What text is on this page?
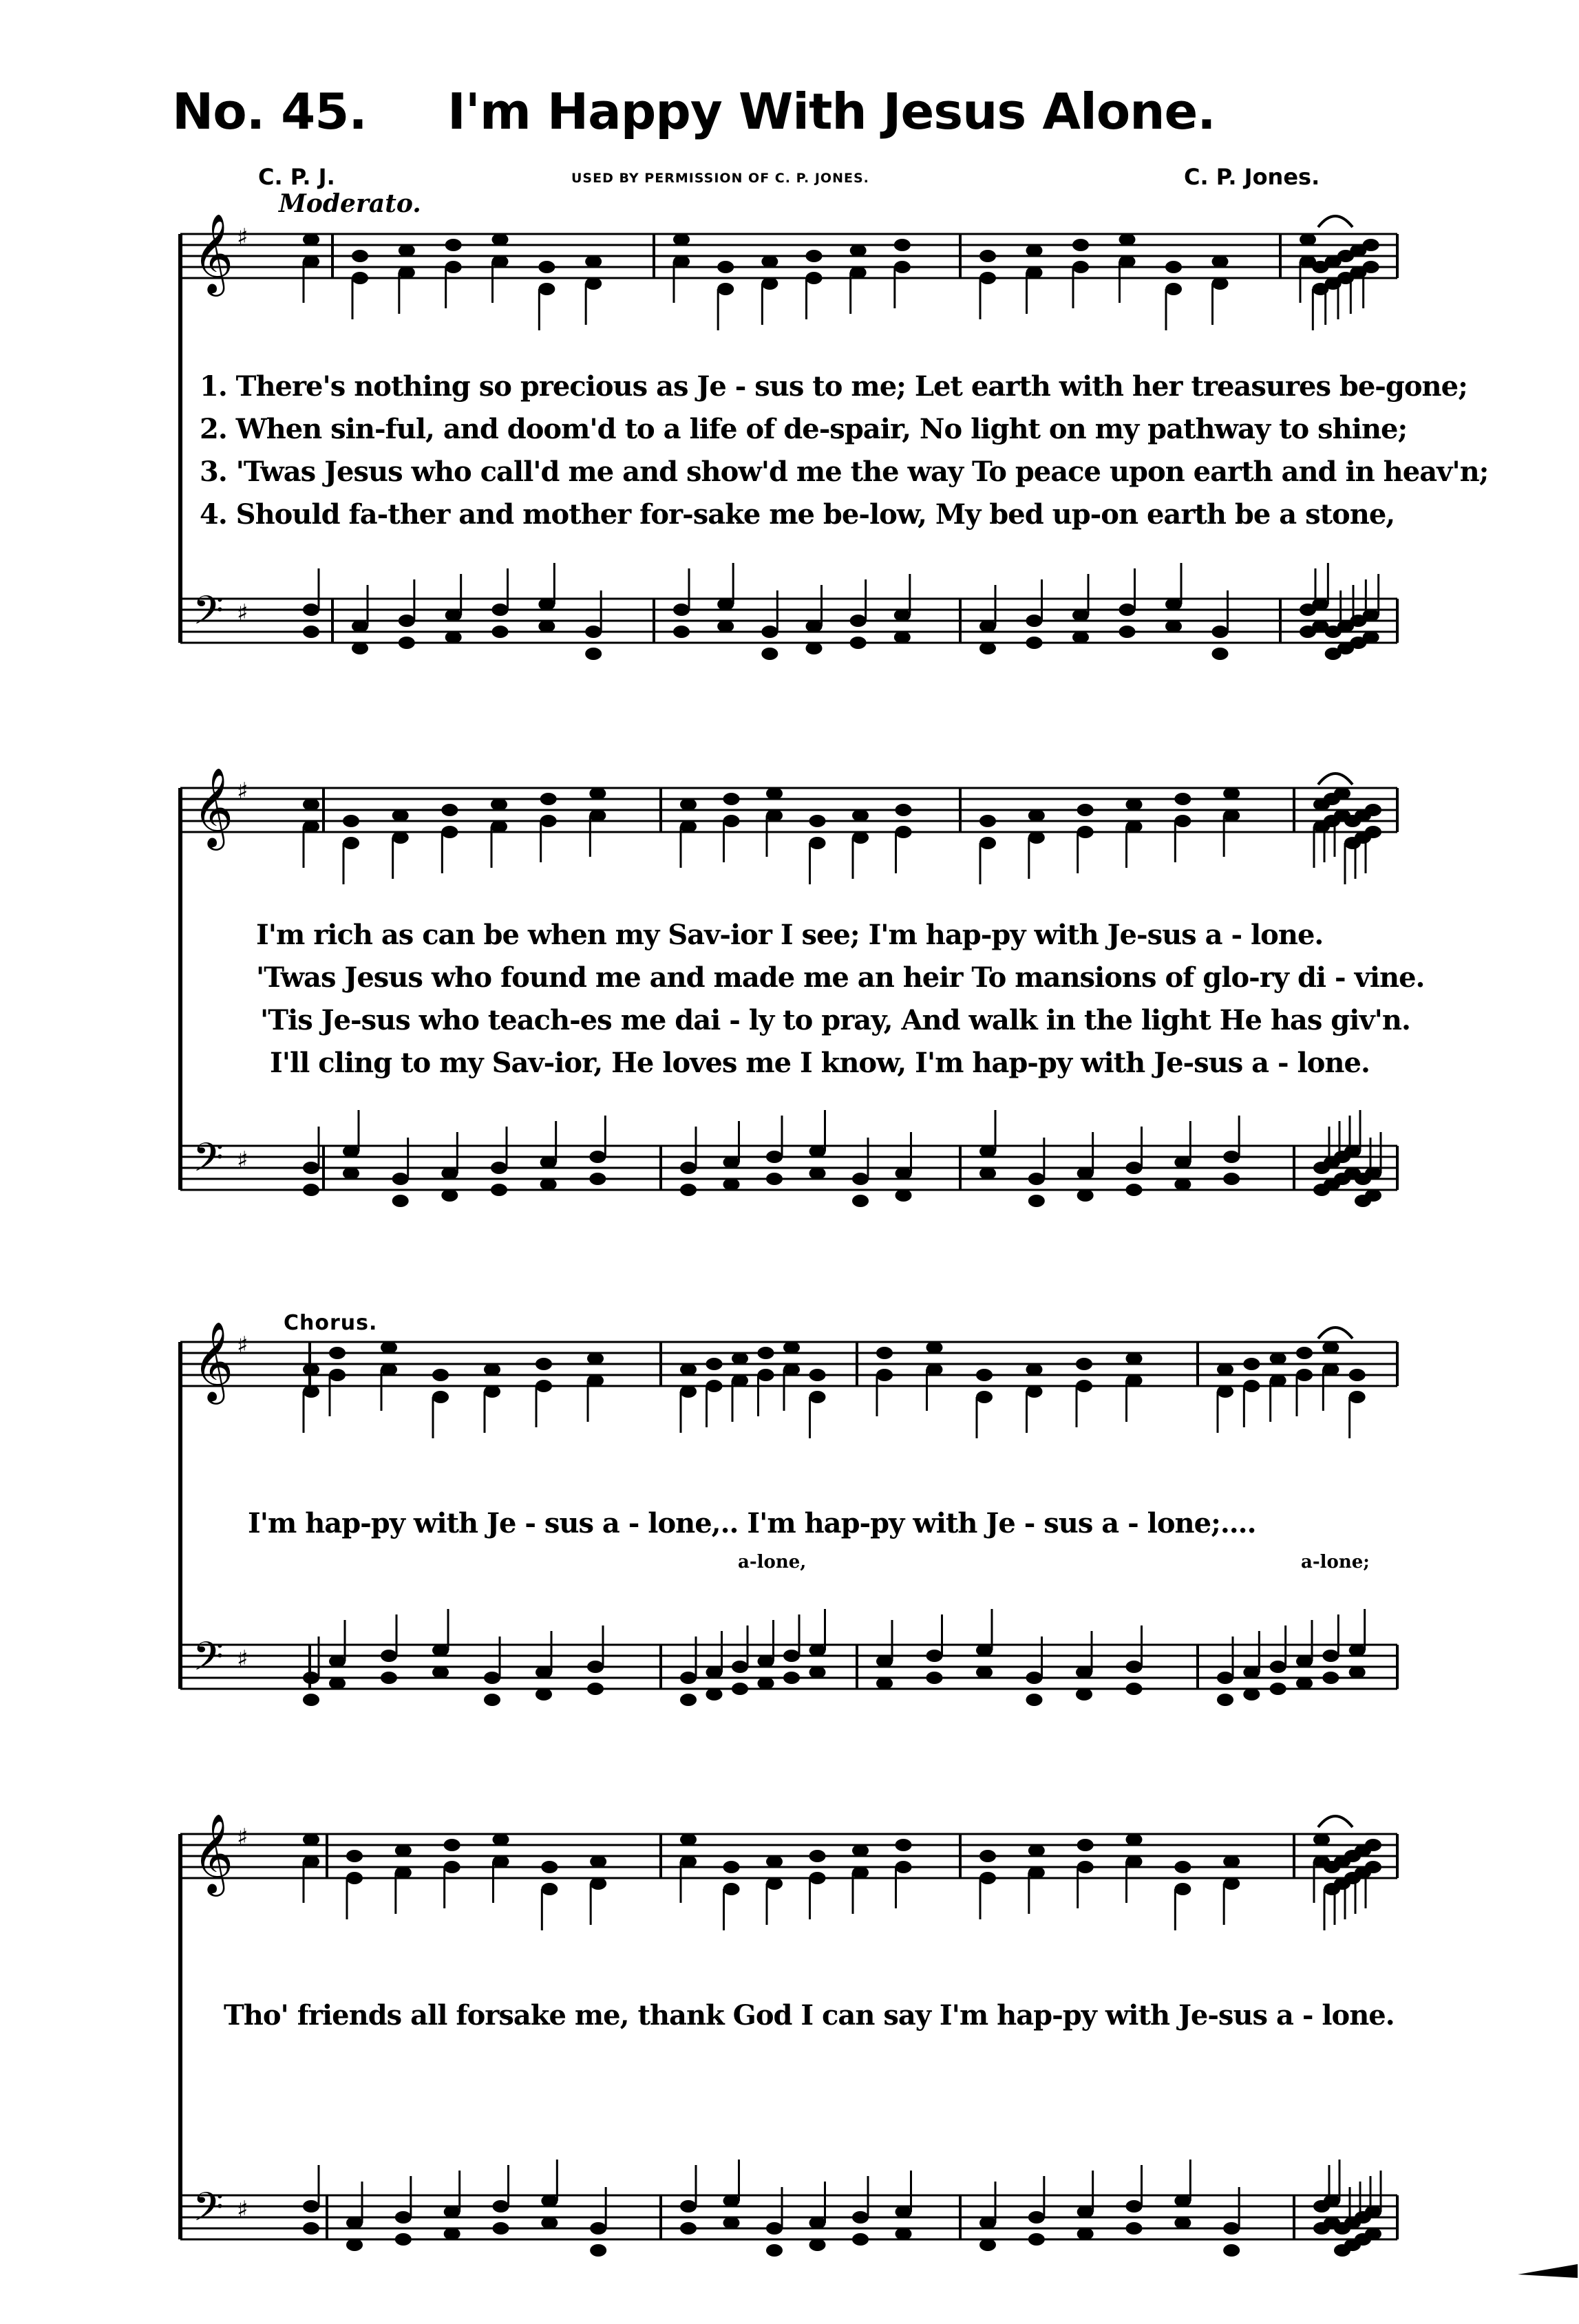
No. 45. I'm Happy With Jesus Alone.
C. P. J.	USED BY PERMISSION OF C. P. JONES.	C. P. Jones.
Moderato.
𝄞 ♯
𝄢 ♯
𝄞 ♯
𝄢 ♯
𝄞 ♯
𝄢 ♯
𝄞 ♯
𝄢 ♯
1. There's nothing so precious as Je - sus to me; Let earth with her treasures be-gone;
2. When sin-ful, and doom'd to a life of de-spair, No light on my pathway to shine;
3. 'Twas Jesus who call'd me and show'd me the way To peace upon earth and in heav'n;
4. Should fa-ther and mother for-sake me be-low, My bed up-on earth be a stone,
I'm rich as can be when my Sav-ior I see; I'm hap-py with Je-sus a - lone.
'Twas Jesus who found me and made me an heir To mansions of glo-ry di - vine.
'Tis Je-sus who teach-es me dai - ly to pray, And walk in the light He has giv'n.
I'll cling to my Sav-ior, He loves me I know, I'm hap-py with Je-sus a - lone.
Chorus.
I'm hap-py with Je - sus a - lone,.. I'm hap-py with Je - sus a - lone;....
a-lone,	a-lone;
Tho' friends all forsake me, thank God I can say I'm hap-py with Je-sus a - lone.
